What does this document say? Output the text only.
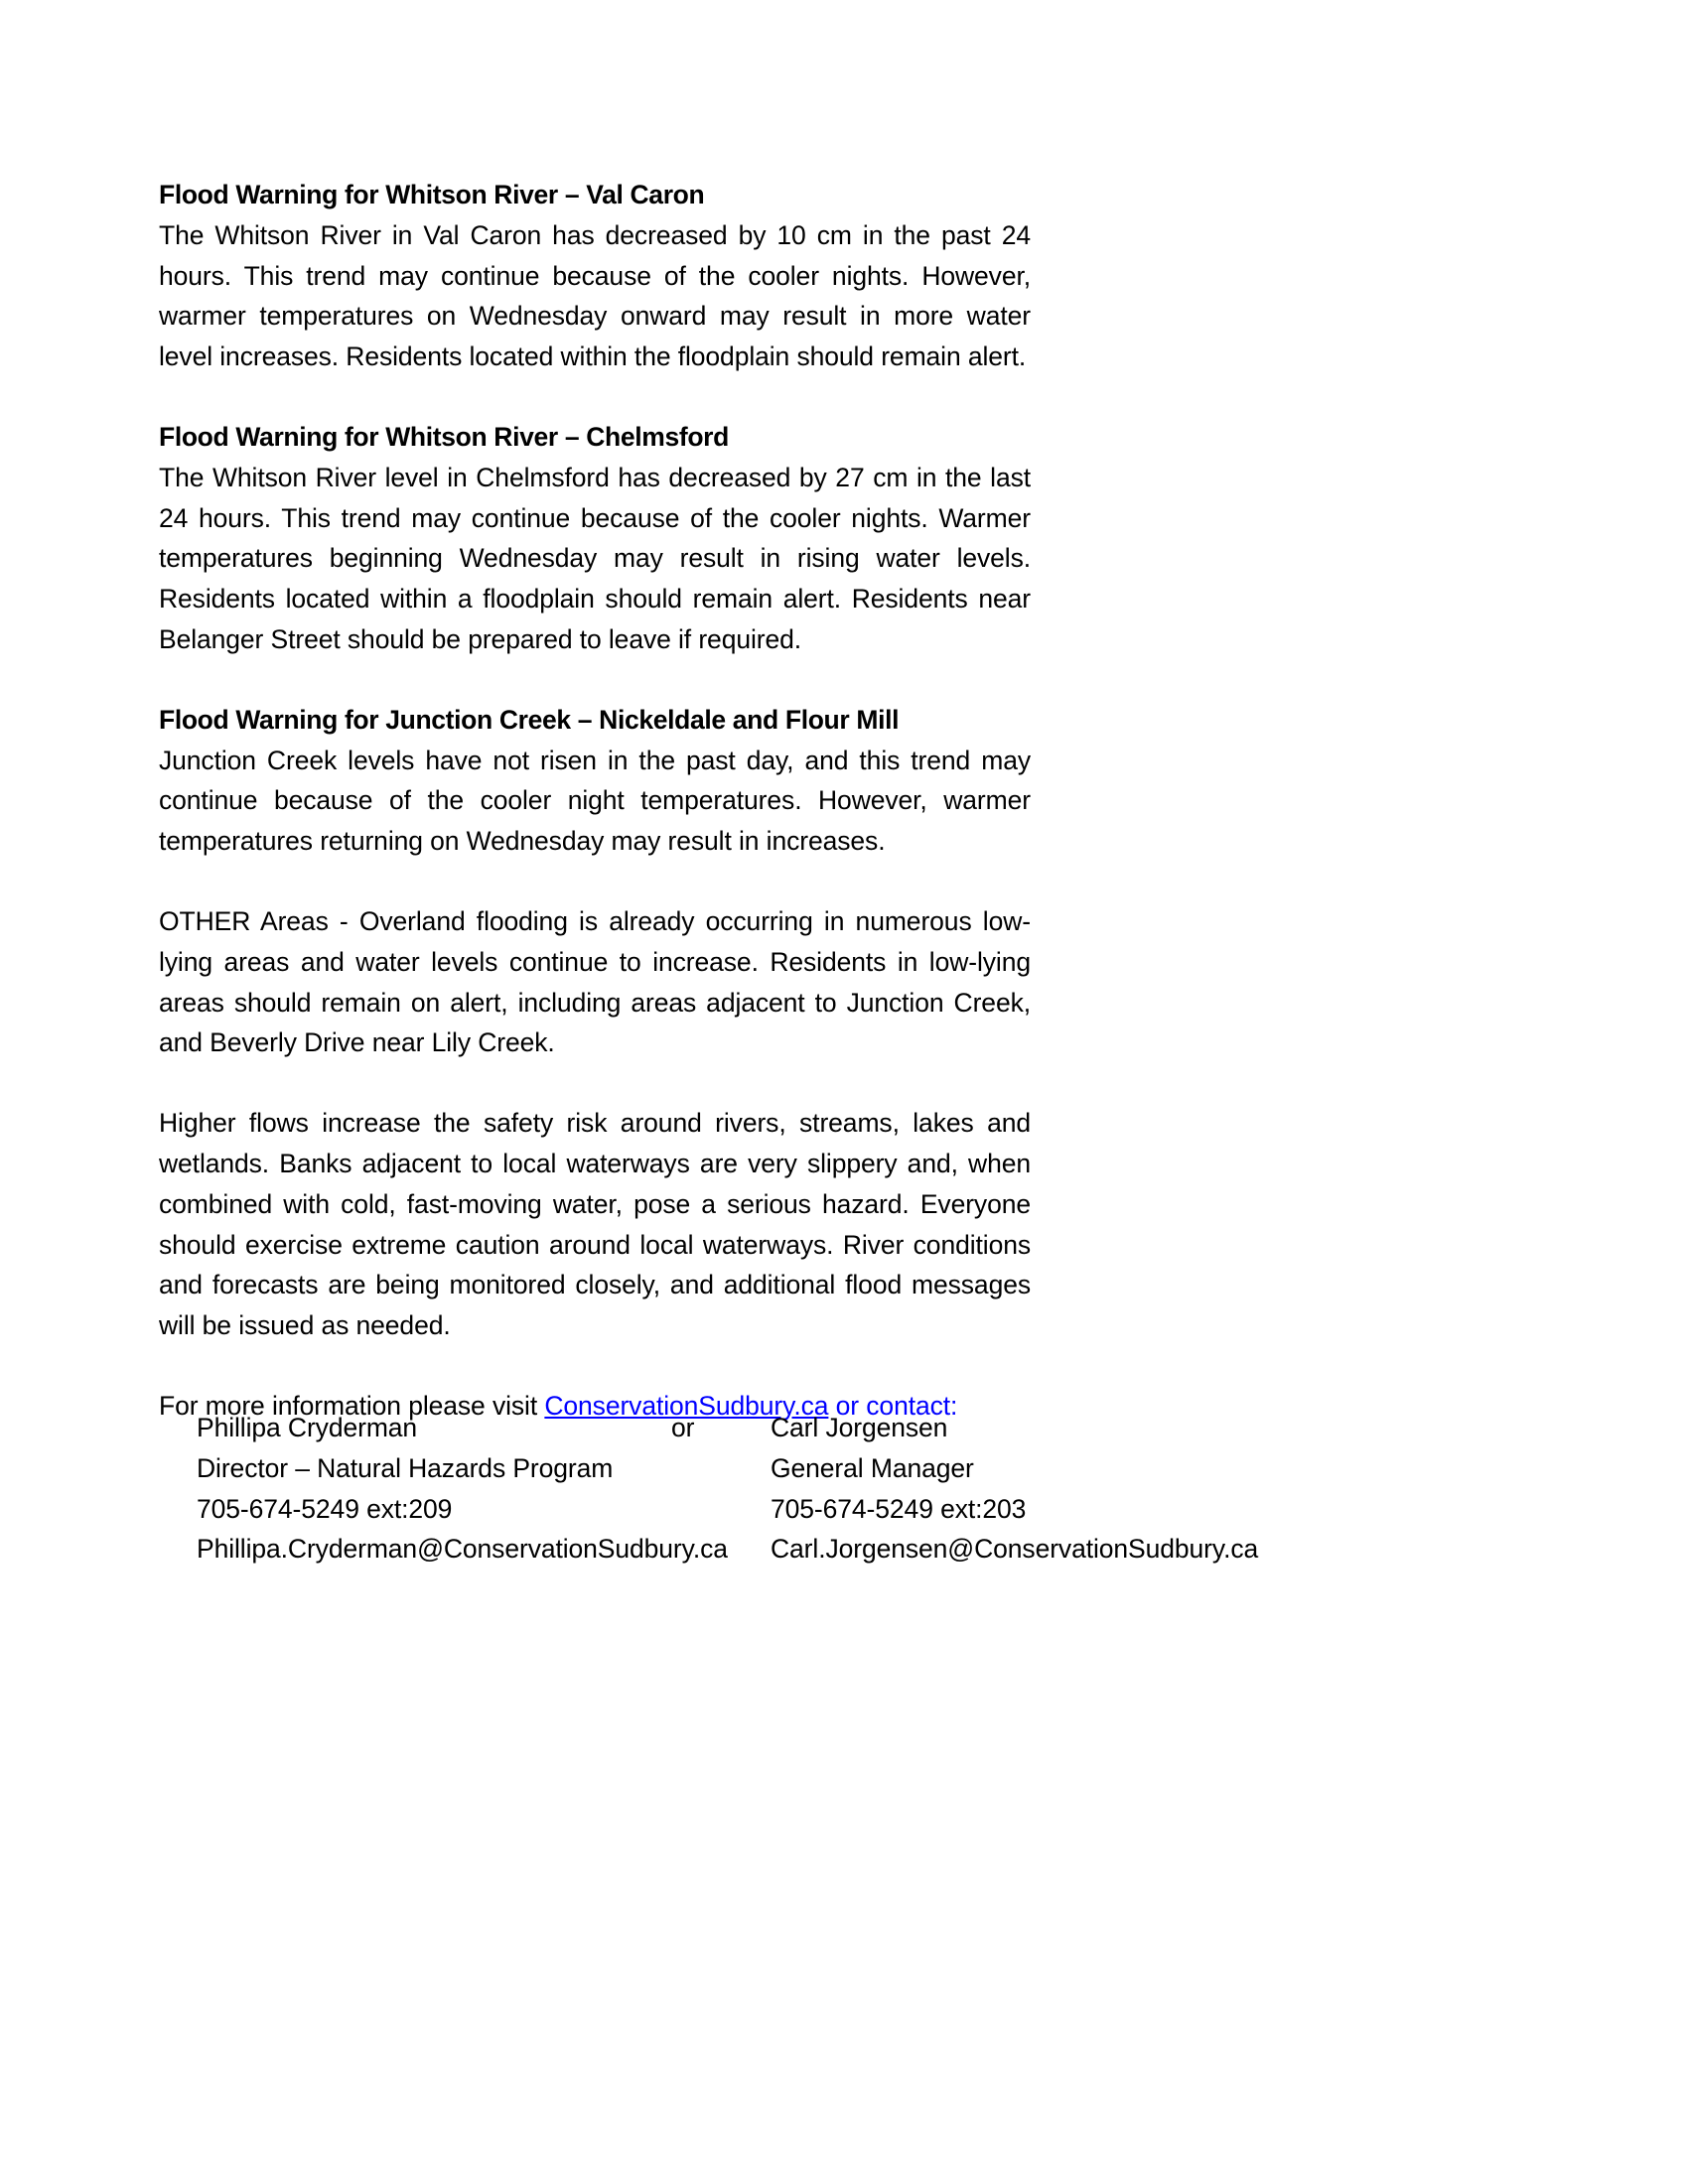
Flood Warning for Whitson River – Val Caron

The Whitson River in Val Caron has decreased by 10 cm in the past 24 hours. This trend may continue because of the cooler nights. However, warmer temperatures on Wednesday onward may result in more water level increases. Residents located within the floodplain should remain alert.

Flood Warning for Whitson River – Chelmsford

The Whitson River level in Chelmsford has decreased by 27 cm in the last 24 hours. This trend may continue because of the cooler nights. Warmer temperatures beginning Wednesday may result in rising water levels. Residents located within a floodplain should remain alert. Residents near Belanger Street should be prepared to leave if required.

Flood Warning for Junction Creek – Nickeldale and Flour Mill

Junction Creek levels have not risen in the past day, and this trend may continue because of the cooler night temperatures. However, warmer temperatures returning on Wednesday may result in increases.

OTHER Areas - Overland flooding is already occurring in numerous low-lying areas and water levels continue to increase. Residents in low-lying areas should remain on alert, including areas adjacent to Junction Creek, and Beverly Drive near Lily Creek.

Higher flows increase the safety risk around rivers, streams, lakes and wetlands. Banks adjacent to local waterways are very slippery and, when combined with cold, fast-moving water, pose a serious hazard. Everyone should exercise extreme caution around local waterways. River conditions and forecasts are being monitored closely, and additional flood messages will be issued as needed.

For more information please visit ConservationSudbury.ca or contact:

Phillipa Cryderman	or	Carl Jorgensen
Director – Natural Hazards Program	General Manager
705-674-5249 ext:209	705-674-5249 ext:203
Phillipa.Cryderman@ConservationSudbury.ca Carl.Jorgensen@ConservationSudbury.ca
